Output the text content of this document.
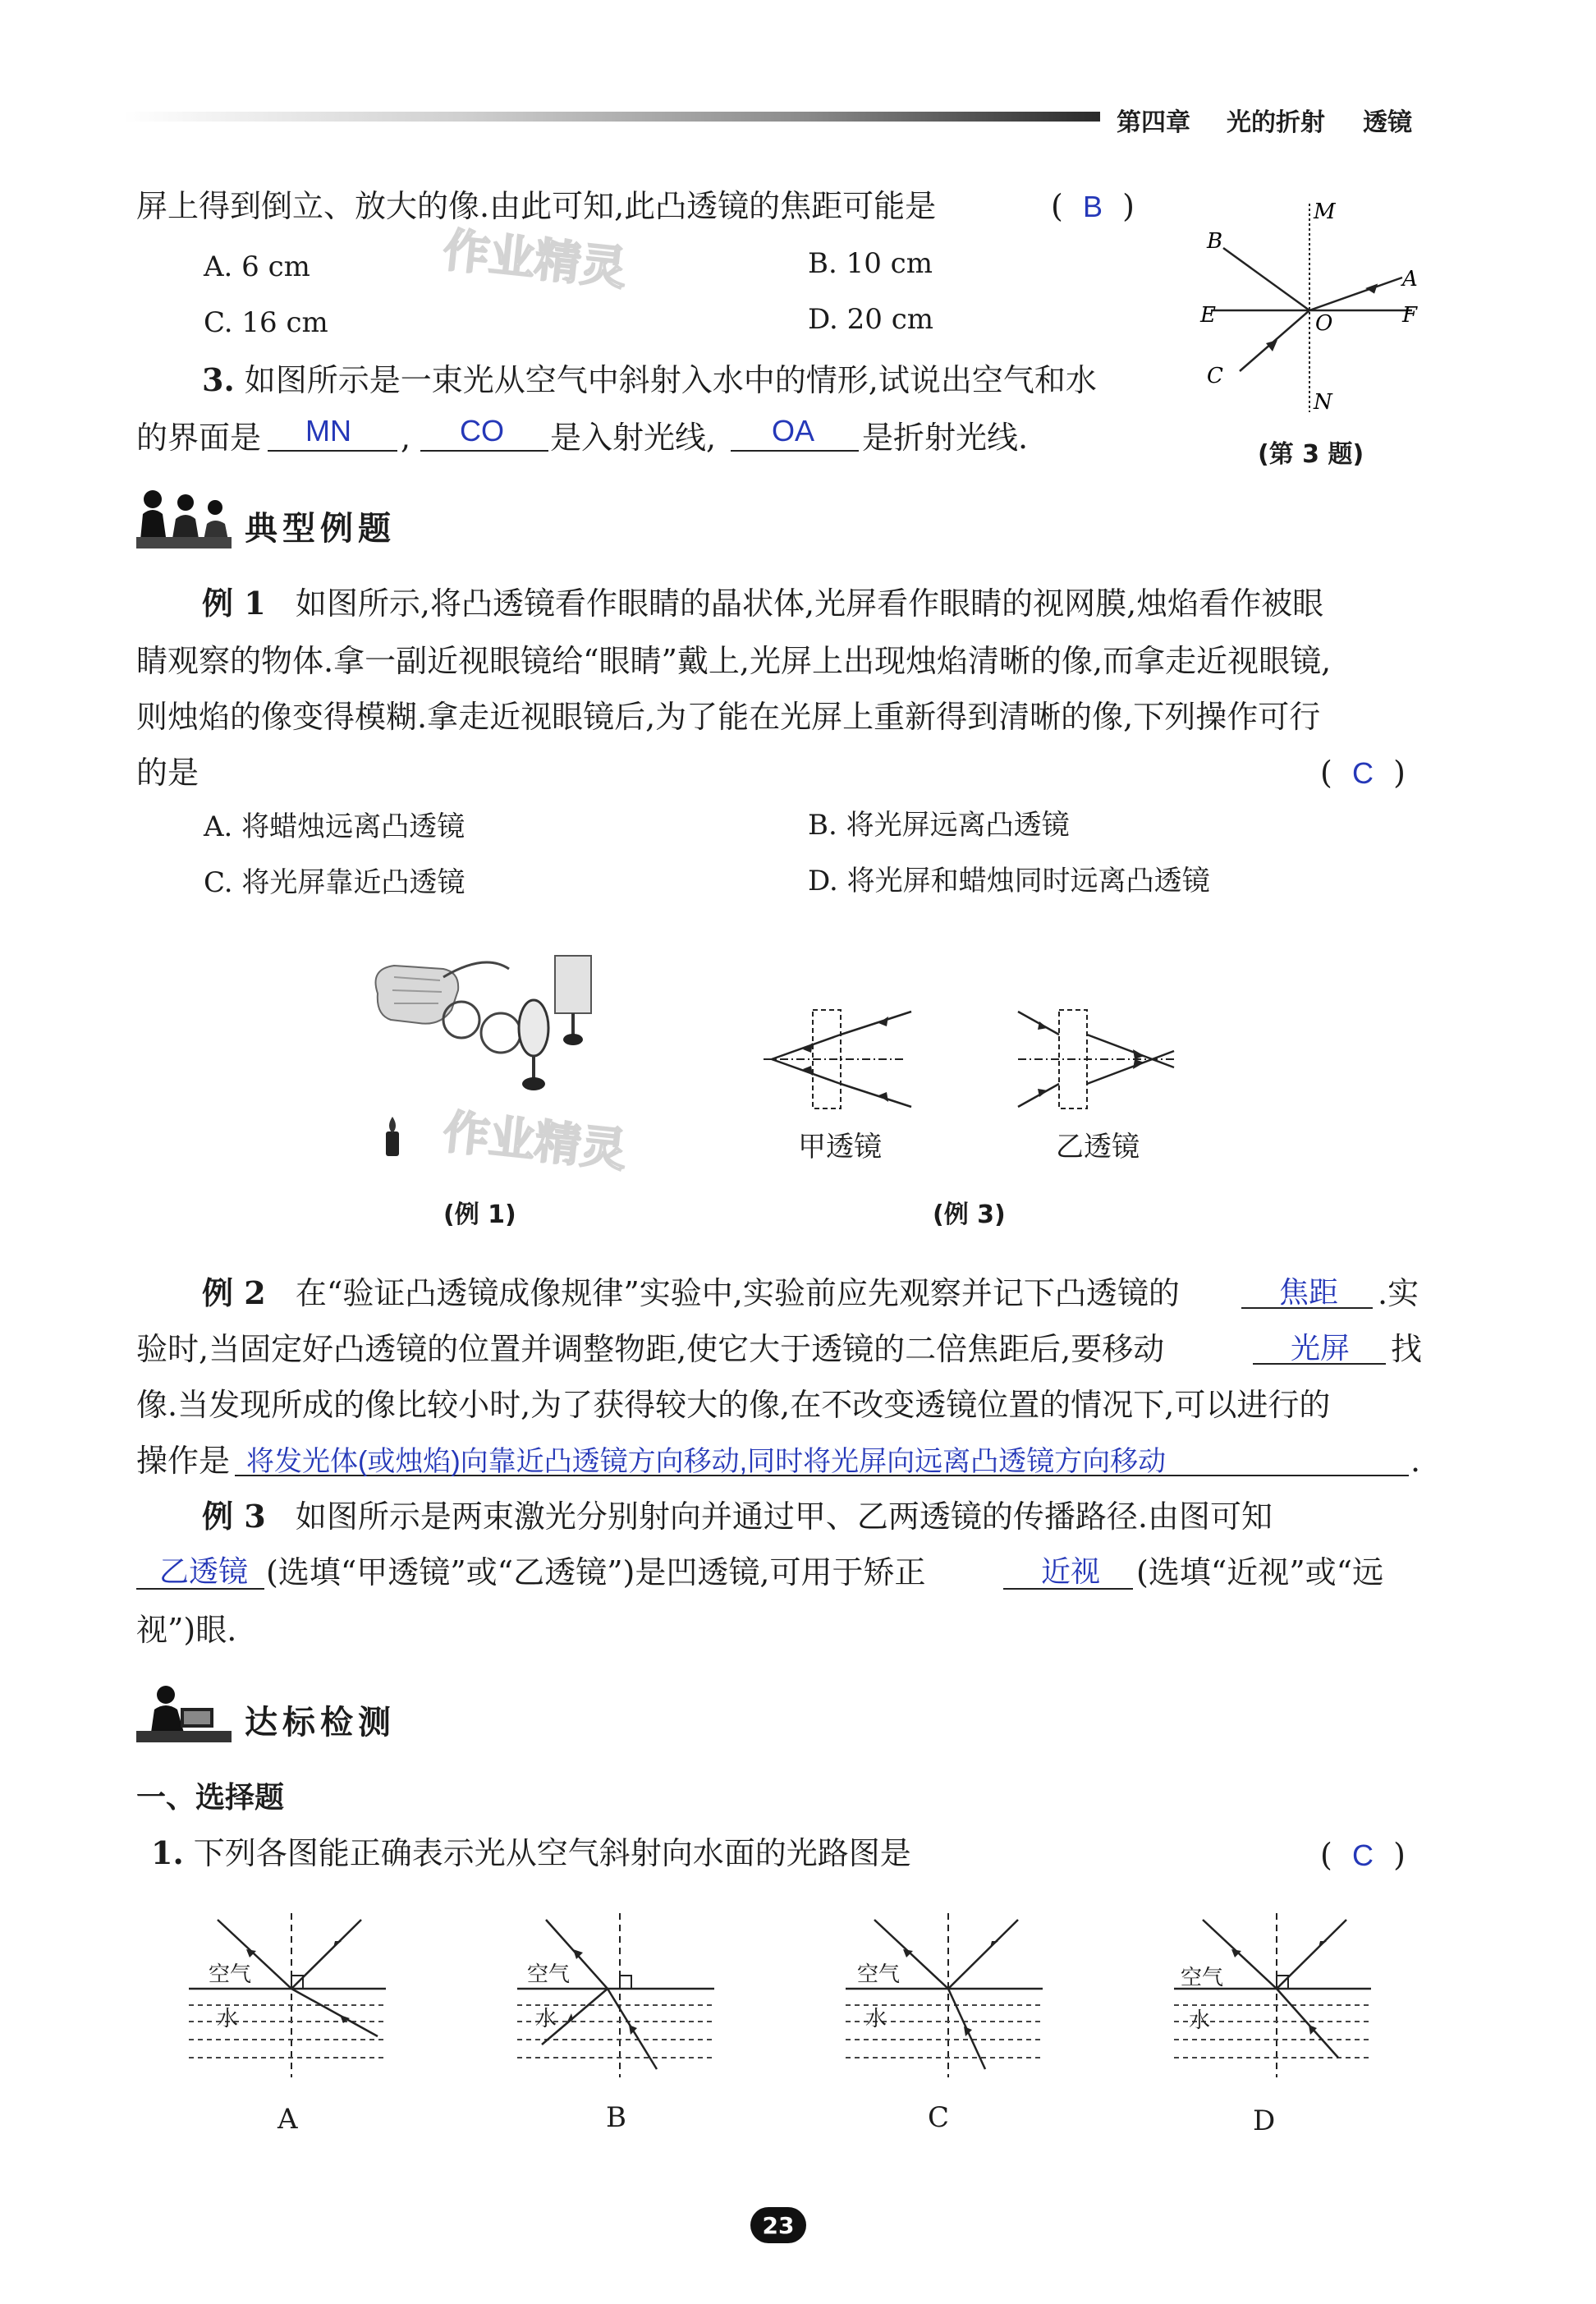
第四章 光的折射 透镜
屏上得到倒立、放大的像.由此可知,此凸透镜的焦距可能是	(  B  )
A. 6 cm	B. 10 cm
C. 16 cm	D. 20 cm
作业精灵
3. 如图所示是一束光从空气中斜射入水中的情形,试说出空气和水
的界面是 MN , CO 是入射光线, OA 是折射光线.
M
N
E	F
O
A
B
C
(第 3 题)
典型例题
例 1 如图所示,将凸透镜看作眼睛的晶状体,光屏看作眼睛的视网膜,烛焰看作被眼
睛观察的物体.拿一副近视眼镜给“眼睛”戴上,光屏上出现烛焰清晰的像,而拿走近视眼镜,
则烛焰的像变得模糊.拿走近视眼镜后,为了能在光屏上重新得到清晰的像,下列操作可行
的是	(  C  )
A. 将蜡烛远离凸透镜	B. 将光屏远离凸透镜
C. 将光屏靠近凸透镜	D. 将光屏和蜡烛同时远离凸透镜
作业精灵
(例 1)
甲透镜	乙透镜
(例 3)
例 2 在“验证凸透镜成像规律”实验中,实验前应先观察并记下凸透镜的	焦距 .实
验时,当固定好凸透镜的位置并调整物距,使它大于透镜的二倍焦距后,要移动	光屏 找
像.当发现所成的像比较小时,为了获得较大的像,在不改变透镜位置的情况下,可以进行的
操作是 将发光体(或烛焰)向靠近凸透镜方向移动,同时将光屏向远离凸透镜方向移动	.
例 3 如图所示是两束激光分别射向并通过甲、乙两透镜的传播路径.由图可知
乙透镜 (选填“甲透镜”或“乙透镜”)是凹透镜,可用于矫正	近视 (选填“近视”或“远
视”)眼.
达标检测
一、选择题
1. 下列各图能正确表示光从空气斜射向水面的光路图是	(  C  )
空气
水
空气
水
空气
水
空气
水
A	B	C	D
23
